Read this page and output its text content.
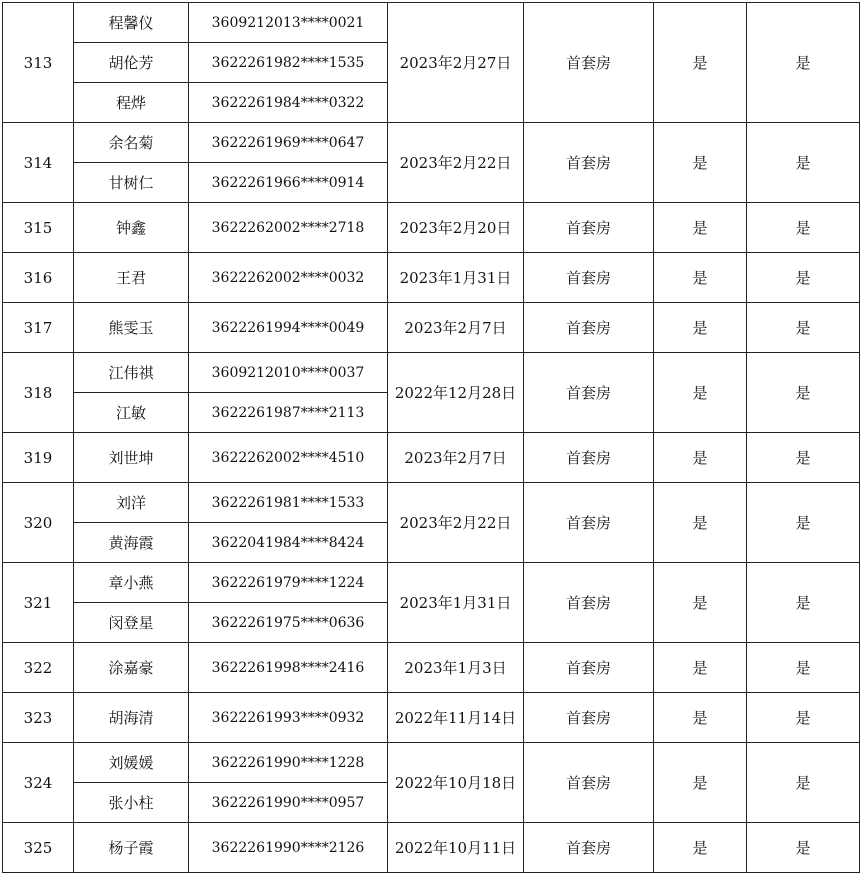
313	程馨仪	3609212013****0021	2023年2月27日	首套房	是	是
	胡伦芳	3622261982****1535				
	程烨	3622261984****0322				
314	余名菊	3622261969****0647	2023年2月22日	首套房	是	是
	甘树仁	3622261966****0914				
315	钟鑫	3622262002****2718	2023年2月20日	首套房	是	是
316	王君	3622262002****0032	2023年1月31日	首套房	是	是
317	熊雯玉	3622261994****0049	2023年2月7日	首套房	是	是
318	江伟祺	3609212010****0037	2022年12月28日	首套房	是	是
	江敏	3622261987****2113				
319	刘世坤	3622262002****4510	2023年2月7日	首套房	是	是
320	刘洋	3622261981****1533	2023年2月22日	首套房	是	是
	黄海霞	3622041984****8424				
321	章小燕	3622261979****1224	2023年1月31日	首套房	是	是
	闵登星	3622261975****0636				
322	涂嘉豪	3622261998****2416	2023年1月3日	首套房	是	是
323	胡海清	3622261993****0932	2022年11月14日	首套房	是	是
324	刘媛媛	3622261990****1228	2022年10月18日	首套房	是	是
	张小柱	3622261990****0957				
325	杨子霞	3622261990****2126	2022年10月11日	首套房	是	是
